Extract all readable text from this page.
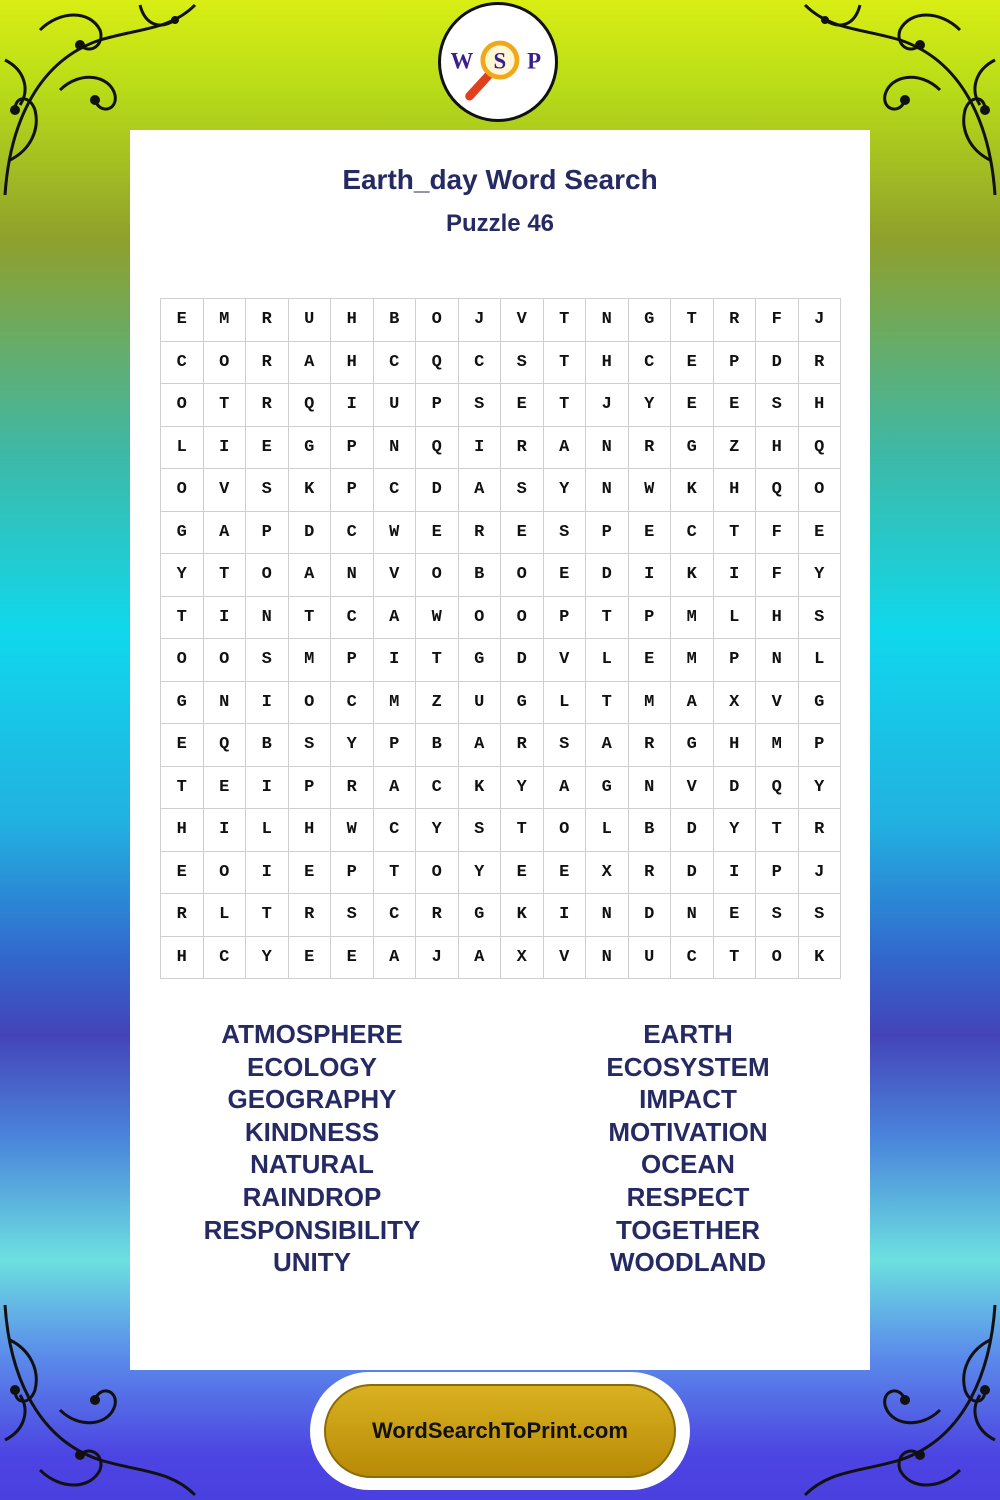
W S P
Earth_day Word Search
Puzzle 46
E	M	R	U	H	B	O	J	V	T	N	G	T	R	F	J
C	O	R	A	H	C	Q	C	S	T	H	C	E	P	D	R
O	T	R	Q	I	U	P	S	E	T	J	Y	E	E	S	H
L	I	E	G	P	N	Q	I	R	A	N	R	G	Z	H	Q
O	V	S	K	P	C	D	A	S	Y	N	W	K	H	Q	O
G	A	P	D	C	W	E	R	E	S	P	E	C	T	F	E
Y	T	O	A	N	V	O	B	O	E	D	I	K	I	F	Y
T	I	N	T	C	A	W	O	O	P	T	P	M	L	H	S
O	O	S	M	P	I	T	G	D	V	L	E	M	P	N	L
G	N	I	O	C	M	Z	U	G	L	T	M	A	X	V	G
E	Q	B	S	Y	P	B	A	R	S	A	R	G	H	M	P
T	E	I	P	R	A	C	K	Y	A	G	N	V	D	Q	Y
H	I	L	H	W	C	Y	S	T	O	L	B	D	Y	T	R
E	O	I	E	P	T	O	Y	E	E	X	R	D	I	P	J
R	L	T	R	S	C	R	G	K	I	N	D	N	E	S	S
H	C	Y	E	E	A	J	A	X	V	N	U	C	T	O	K
ATMOSPHERE
ECOLOGY
GEOGRAPHY
KINDNESS
NATURAL
RAINDROP
RESPONSIBILITY
UNITY
EARTH
ECOSYSTEM
IMPACT
MOTIVATION
OCEAN
RESPECT
TOGETHER
WOODLAND
WordSearchToPrint.com
